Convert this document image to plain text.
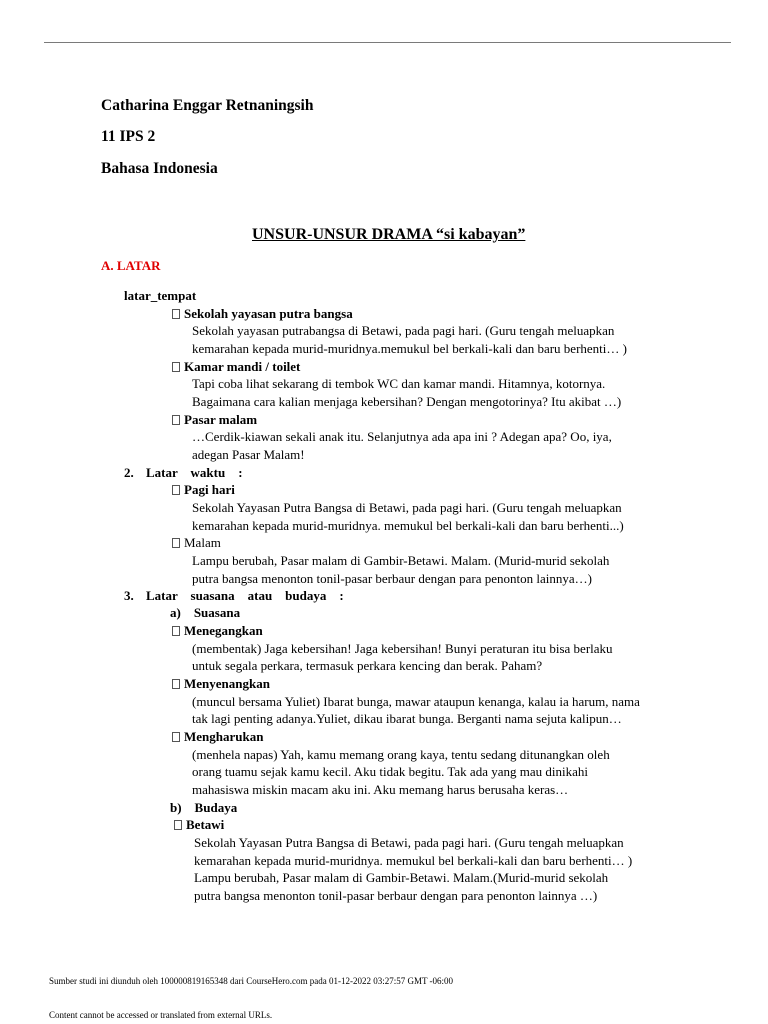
Catharina Enggar Retnaningsih
11 IPS 2
Bahasa Indonesia
UNSUR-UNSUR DRAMA “si kabayan”
A. LATAR
latar_tempat
Sekolah yayasan putra bangsa
Sekolah yayasan putrabangsa di Betawi, pada pagi hari. (Guru tengah meluapkan
kemarahan kepada murid-muridnya.memukul bel berkali-kali dan baru berhenti… )
Kamar mandi / toilet
Tapi coba lihat sekarang di tembok WC dan kamar mandi. Hitamnya, kotornya.
Bagaimana cara kalian menjaga kebersihan? Dengan mengotorinya? Itu akibat …)
Pasar malam
…Cerdik-kiawan sekali anak itu. Selanjutnya ada apa ini ? Adegan apa? Oo, iya,
adegan Pasar Malam!
2. Latar    waktu    :
Pagi hari
Sekolah Yayasan Putra Bangsa di Betawi, pada pagi hari. (Guru tengah meluapkan
kemarahan kepada murid-muridnya. memukul bel berkali-kali dan baru berhenti...)
Malam
Lampu berubah, Pasar malam di Gambir-Betawi. Malam. (Murid-murid sekolah
putra bangsa menonton tonil-pasar berbaur dengan para penonton lainnya…)
3. Latar    suasana    atau    budaya    :
a)    Suasana
Menegangkan
(membentak) Jaga kebersihan! Jaga kebersihan! Bunyi peraturan itu bisa berlaku
untuk segala perkara, termasuk perkara kencing dan berak. Paham?
Menyenangkan
(muncul bersama Yuliet) Ibarat bunga, mawar ataupun kenanga, kalau ia harum, nama
tak lagi penting adanya.Yuliet, dikau ibarat bunga. Berganti nama sejuta kalipun…
Mengharukan
(menhela napas) Yah, kamu memang orang kaya, tentu sedang ditunangkan oleh
orang tuamu sejak kamu kecil. Aku tidak begitu. Tak ada yang mau dinikahi
mahasiswa miskin macam aku ini. Aku memang harus berusaha keras…
b)    Budaya
Betawi
Sekolah Yayasan Putra Bangsa di Betawi, pada pagi hari. (Guru tengah meluapkan
kemarahan kepada murid-muridnya. memukul bel berkali-kali dan baru berhenti… )
Lampu berubah, Pasar malam di Gambir-Betawi. Malam.(Murid-murid sekolah
putra bangsa menonton tonil-pasar berbaur dengan para penonton lainnya …)
Sumber studi ini diunduh oleh 100000819165348 dari CourseHero.com pada 01-12-2022 03:27:57 GMT -06:00
Content cannot be accessed or translated from external URLs.
